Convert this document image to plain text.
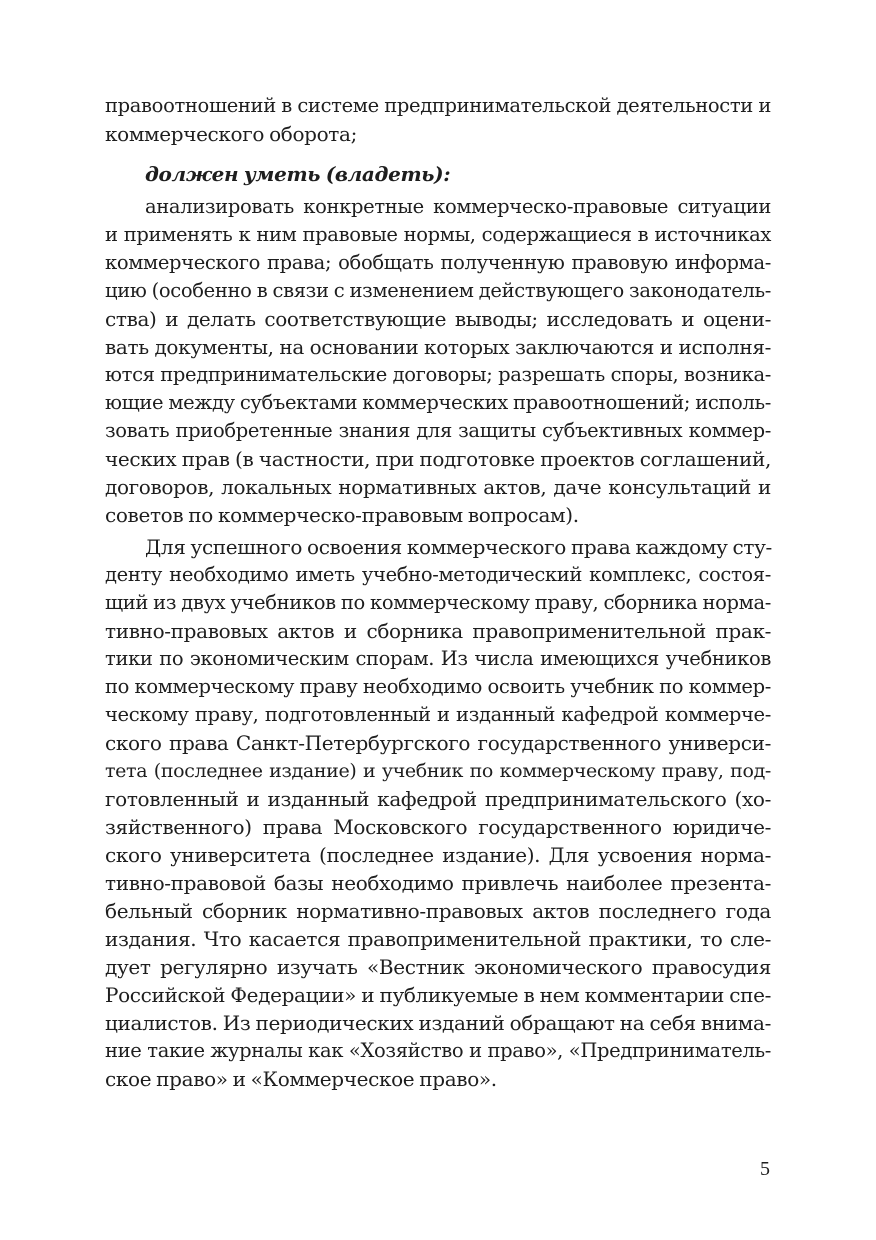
правоотношений в системе предпринимательской деятельности и
коммерческого оборота;
должен уметь (владеть):
анализировать конкретные коммерческо-правовые ситуации
и применять к ним правовые нормы, содержащиеся в источниках
коммерческого права; обобщать полученную правовую информа-
цию (особенно в связи с изменением действующего законодатель-
ства) и делать соответствующие выводы; исследовать и оцени-
вать документы, на основании которых заключаются и исполня-
ются предпринимательские договоры; разрешать споры, возника-
ющие между субъектами коммерческих правоотношений; исполь-
зовать приобретенные знания для защиты субъективных коммер-
ческих прав (в частности, при подготовке проектов соглашений,
договоров, локальных нормативных актов, даче консультаций и
советов по коммерческо-правовым вопросам).
Для успешного освоения коммерческого права каждому сту-
денту необходимо иметь учебно-методический комплекс, состоя-
щий из двух учебников по коммерческому праву, сборника норма-
тивно-правовых актов и сборника правоприменительной прак-
тики по экономическим спорам. Из числа имеющихся учебников
по коммерческому праву необходимо освоить учебник по коммер-
ческому праву, подготовленный и изданный кафедрой коммерче-
ского права Санкт-Петербургского государственного универси-
тета (последнее издание) и учебник по коммерческому праву, под-
готовленный и изданный кафедрой предпринимательского (хо-
зяйственного) права Московского государственного юридиче-
ского университета (последнее издание). Для усвоения норма-
тивно-правовой базы необходимо привлечь наиболее презента-
бельный сборник нормативно-правовых актов последнего года
издания. Что касается правоприменительной практики, то сле-
дует регулярно изучать «Вестник экономического правосудия
Российской Федерации» и публикуемые в нем комментарии спе-
циалистов. Из периодических изданий обращают на себя внима-
ние такие журналы как «Хозяйство и право», «Предприниматель-
ское право» и «Коммерческое право».
5
